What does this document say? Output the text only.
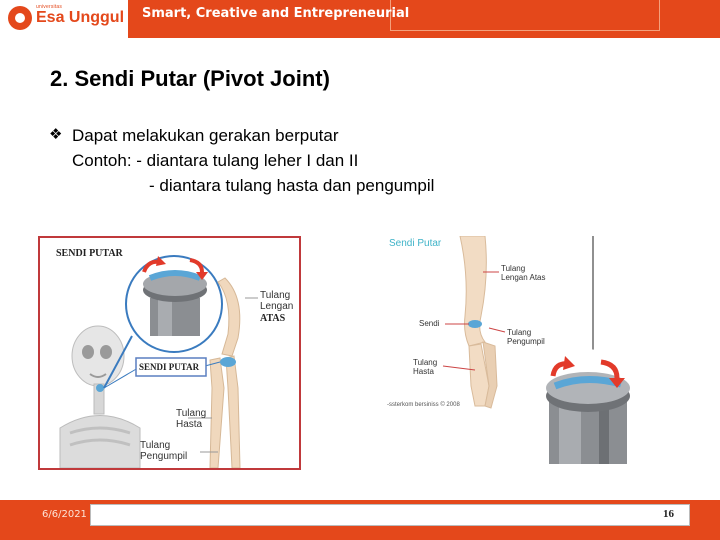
universitas
Esa Unggul Smart, Creative and Entrepreneurial
2. Sendi Putar (Pivot Joint)
❖ Dapat melakukan gerakan berputar
Contoh: - diantara tulang leher I dan II
- diantara tulang hasta dan pengumpil
SENDI PUTAR
Tulang
Lengan
ATAS
SENDI PUTAR
Tulang
Hasta
Tulang
Pengumpil
Sendi Putar
Tulang
Lengan Atas
Sendi
Tulang
Pengumpil
Tulang
Hasta
-ssterkom bersiniss © 2008
6/6/2021	16
